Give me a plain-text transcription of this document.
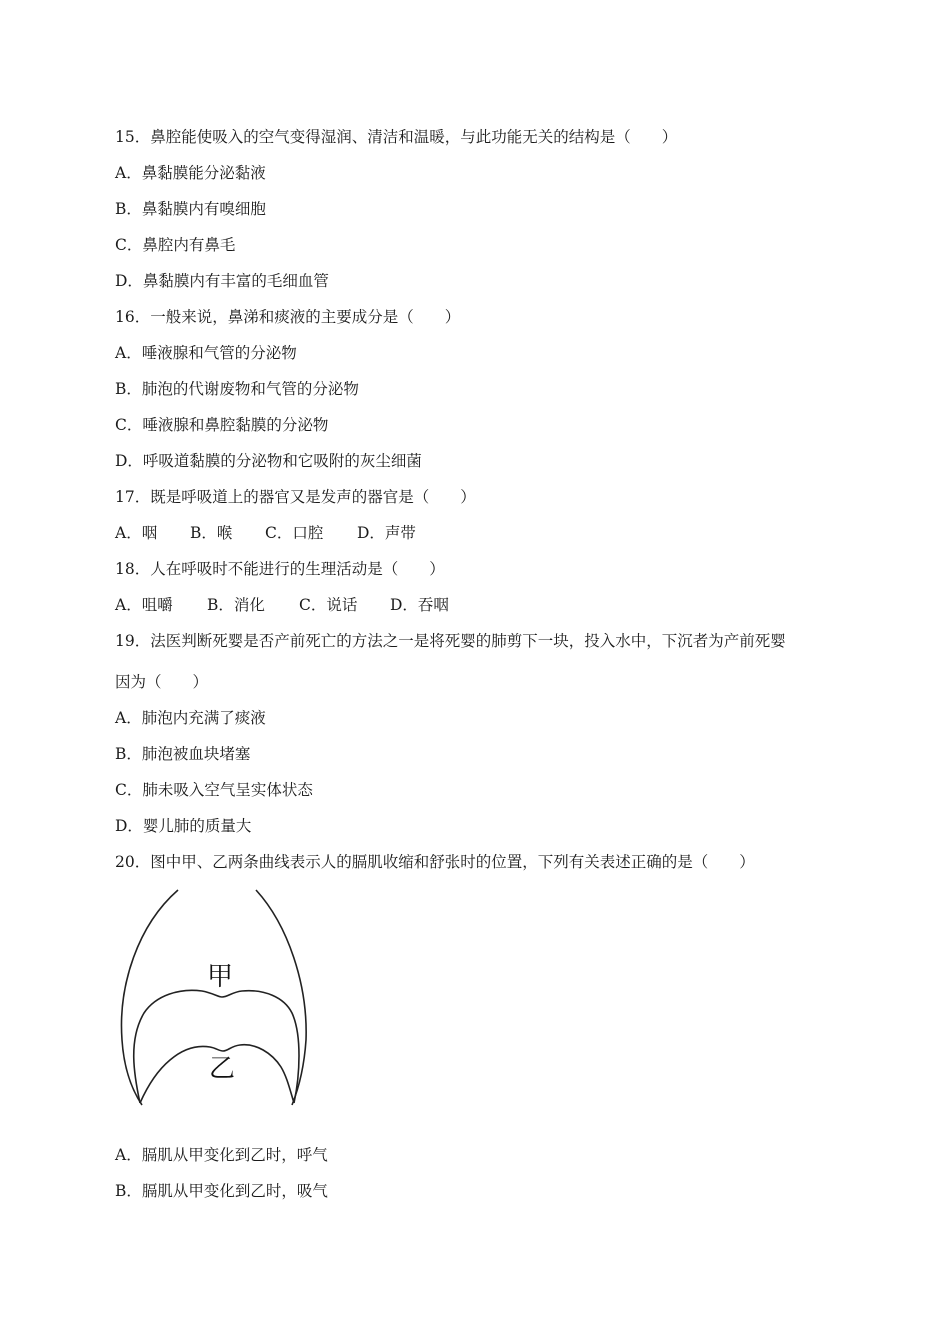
15．鼻腔能使吸入的空气变得湿润、清洁和温暖，与此功能无关的结构是（　　）
A．鼻黏膜能分泌黏液
B．鼻黏膜内有嗅细胞
C．鼻腔内有鼻毛
D．鼻黏膜内有丰富的毛细血管
16．一般来说，鼻涕和痰液的主要成分是（　　）
A．唾液腺和气管的分泌物
B．肺泡的代谢废物和气管的分泌物
C．唾液腺和鼻腔黏膜的分泌物
D．呼吸道黏膜的分泌物和它吸附的灰尘细菌
17．既是呼吸道上的器官又是发声的器官是（　　）
A．咽 B．喉 C．口腔 D．声带
18．人在呼吸时不能进行的生理活动是（　　）
A．咀嚼 B．消化 C．说话 D．吞咽
19．法医判断死婴是否产前死亡的方法之一是将死婴的肺剪下一块，投入水中，下沉者为产前死婴
因为（　　）
A．肺泡内充满了痰液
B．肺泡被血块堵塞
C．肺未吸入空气呈实体状态
D．婴儿肺的质量大
20．图中甲、乙两条曲线表示人的膈肌收缩和舒张时的位置，下列有关表述正确的是（　　）
甲
乙
A．膈肌从甲变化到乙时，呼气
B．膈肌从甲变化到乙时，吸气
